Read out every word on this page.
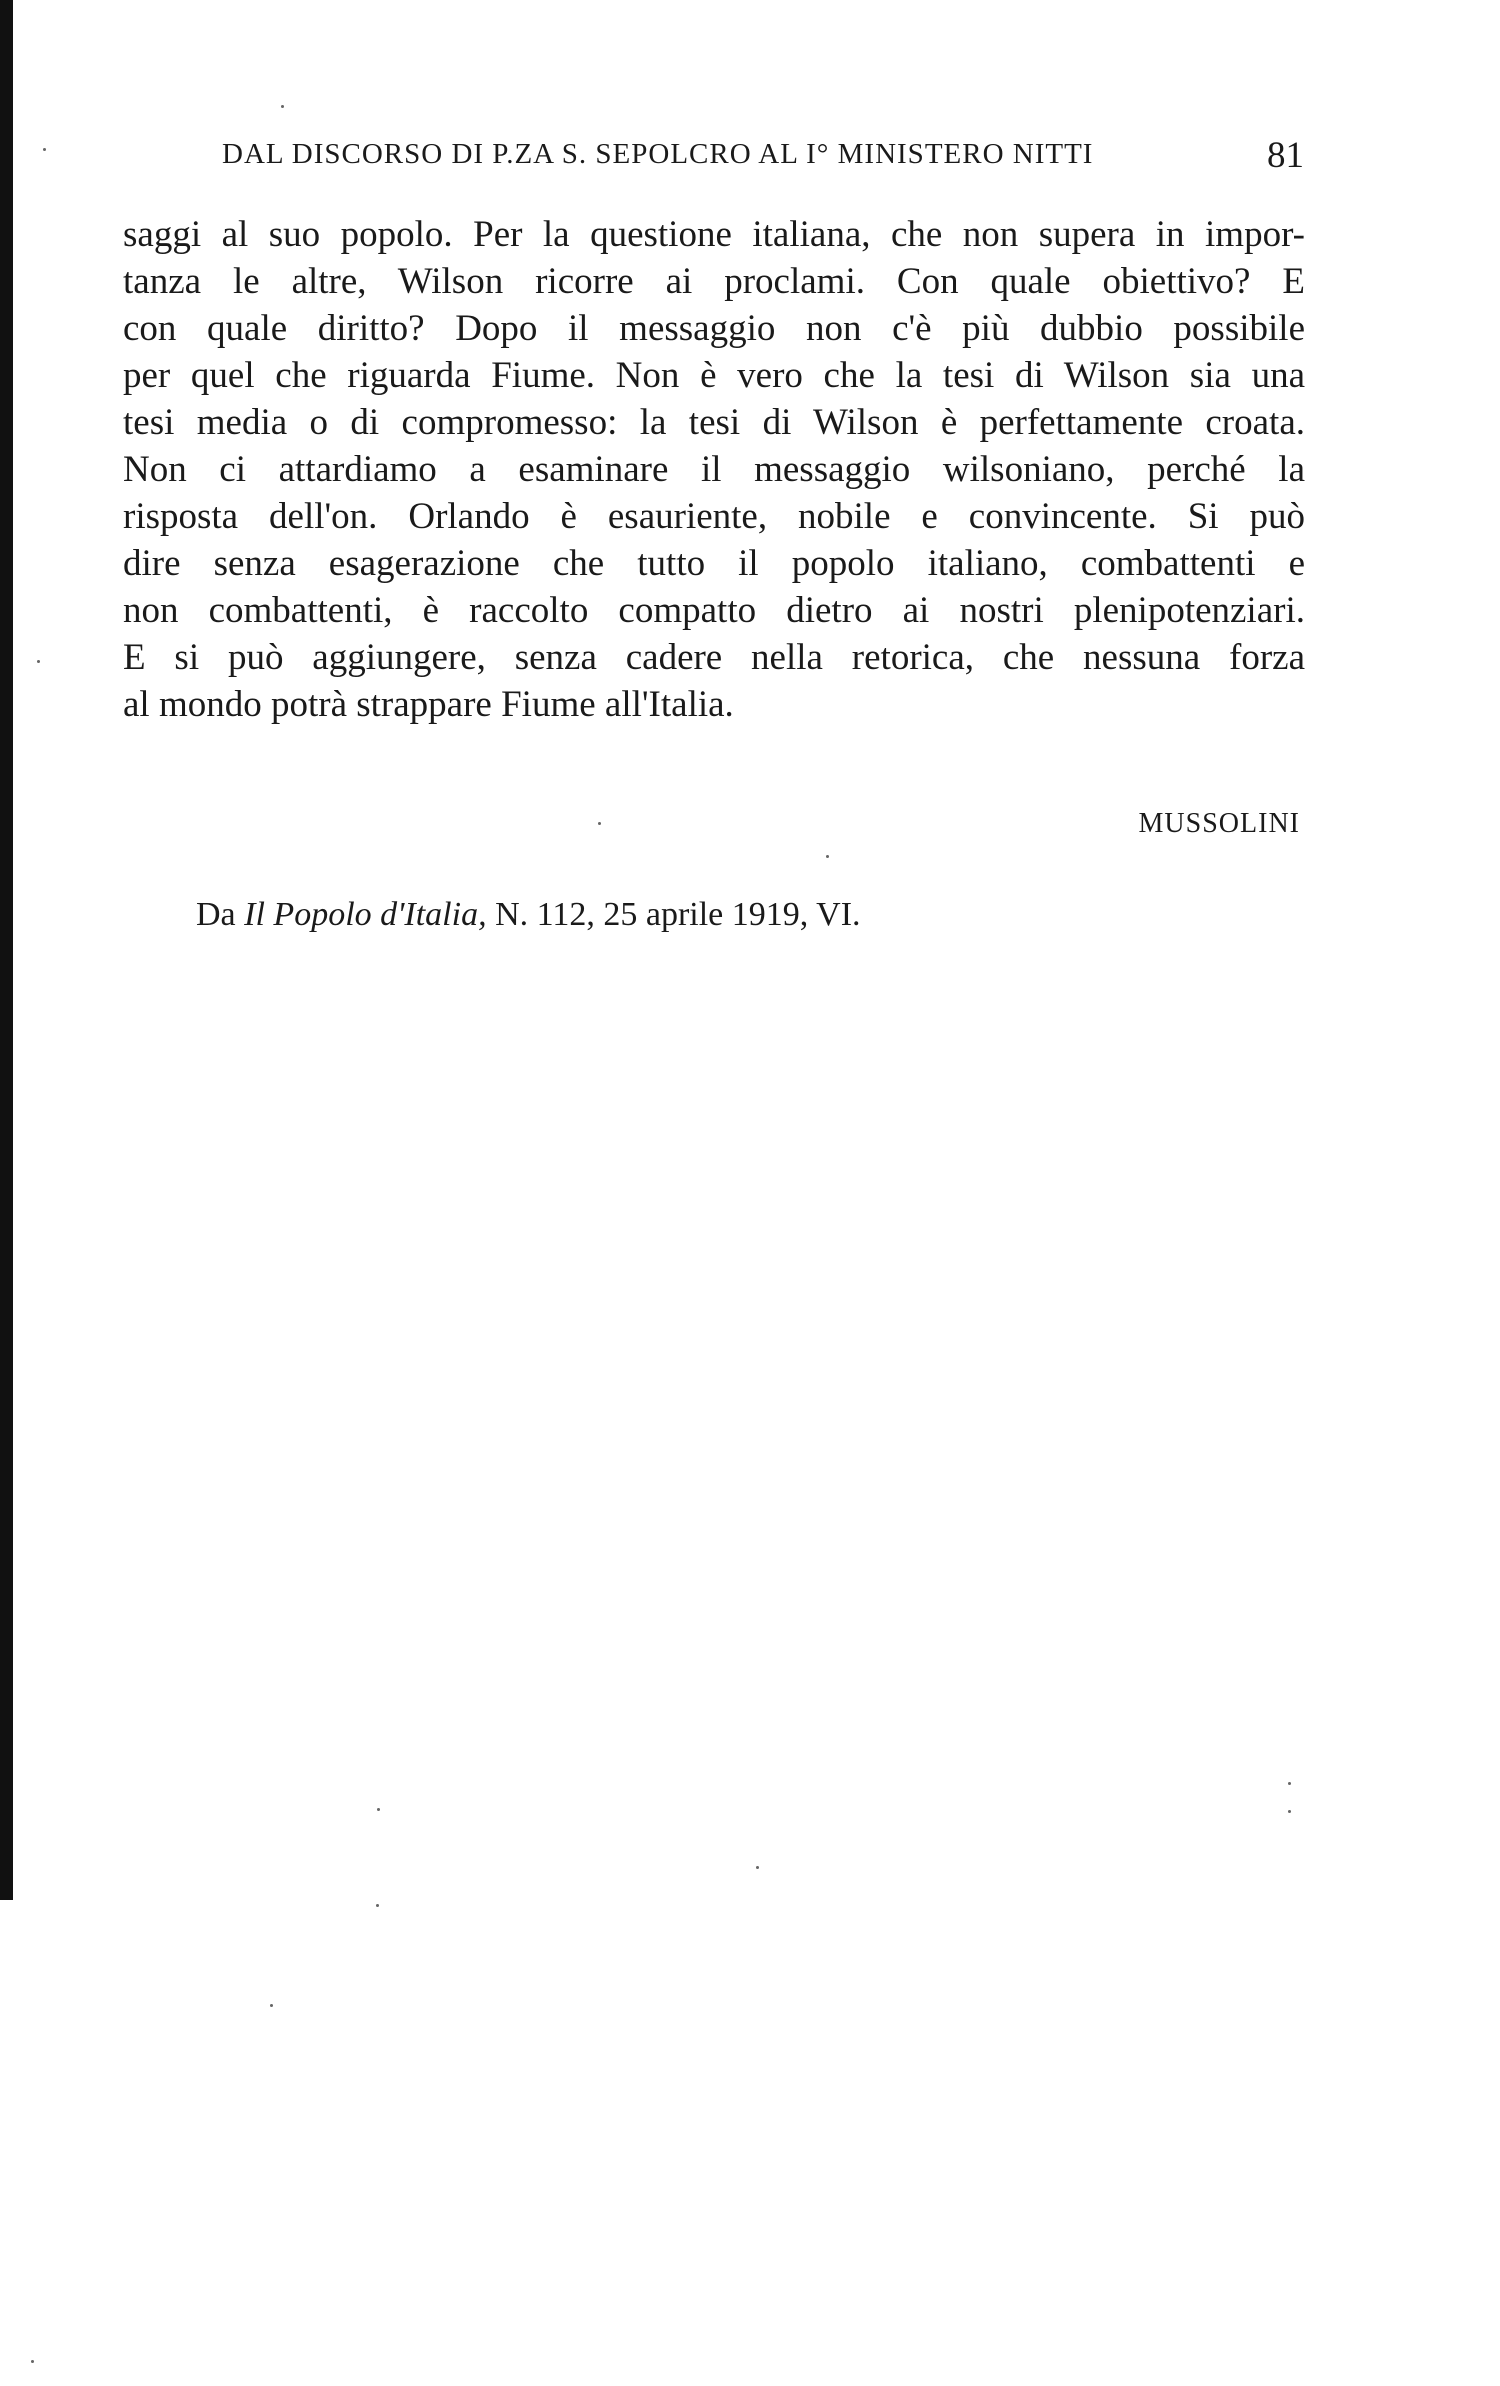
DAL DISCORSO DI P.ZA S. SEPOLCRO AL I° MINISTERO NITTI	81
saggi al suo popolo. Per la questione italiana, che non supera in impor-
tanza le altre, Wilson ricorre ai proclami. Con quale obiettivo? E
con quale diritto? Dopo il messaggio non c'è più dubbio possibile
per quel che riguarda Fiume. Non è vero che la tesi di Wilson sia una
tesi media o di compromesso: la tesi di Wilson è perfettamente croata.
Non ci attardiamo a esaminare il messaggio wilsoniano, perché la
risposta dell'on. Orlando è esauriente, nobile e convincente. Si può
dire senza esagerazione che tutto il popolo italiano, combattenti e
non combattenti, è raccolto compatto dietro ai nostri plenipotenziari.
E si può aggiungere, senza cadere nella retorica, che nessuna forza
al mondo potrà strappare Fiume all'Italia.
MUSSOLINI
Da Il Popolo d'Italia, N. 112, 25 aprile 1919, VI.
